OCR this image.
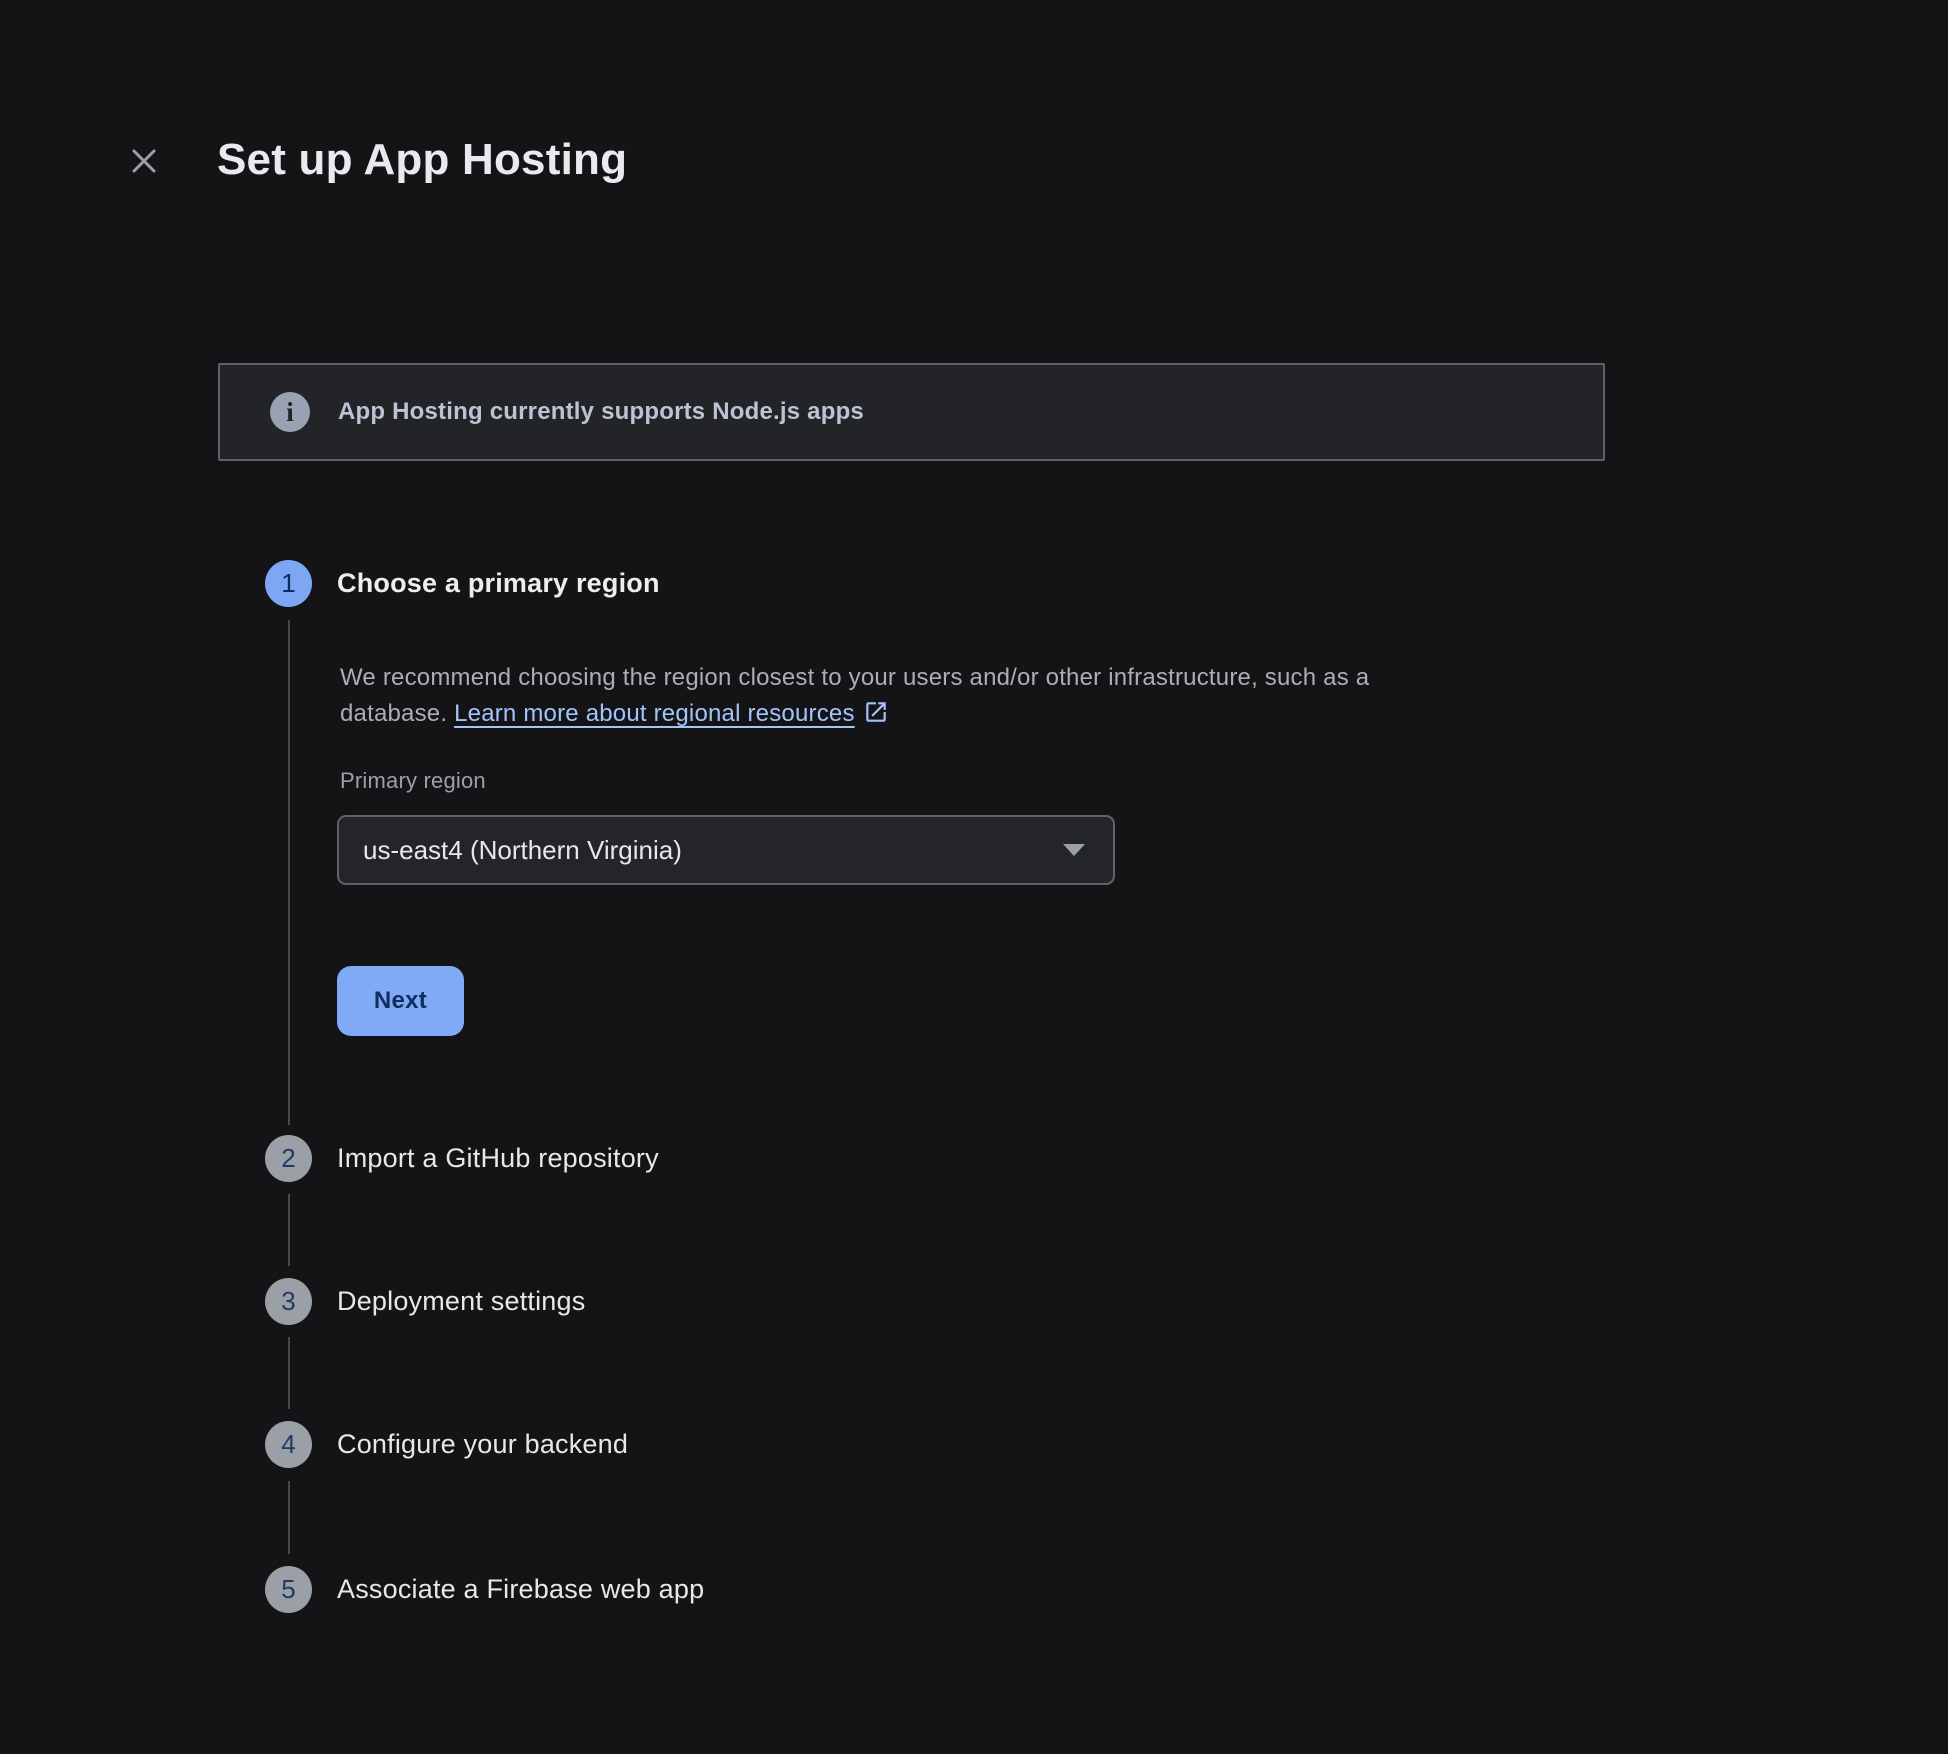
Set up App Hosting
i	App Hosting currently supports Node.js apps
1	Choose a primary region
We recommend choosing the region closest to your users and/or other infrastructure, such as a
database. Learn more about regional resources
Primary region
us-east4 (Northern Virginia)
Next
2	Import a GitHub repository
3	Deployment settings
4	Configure your backend
5	Associate a Firebase web app
